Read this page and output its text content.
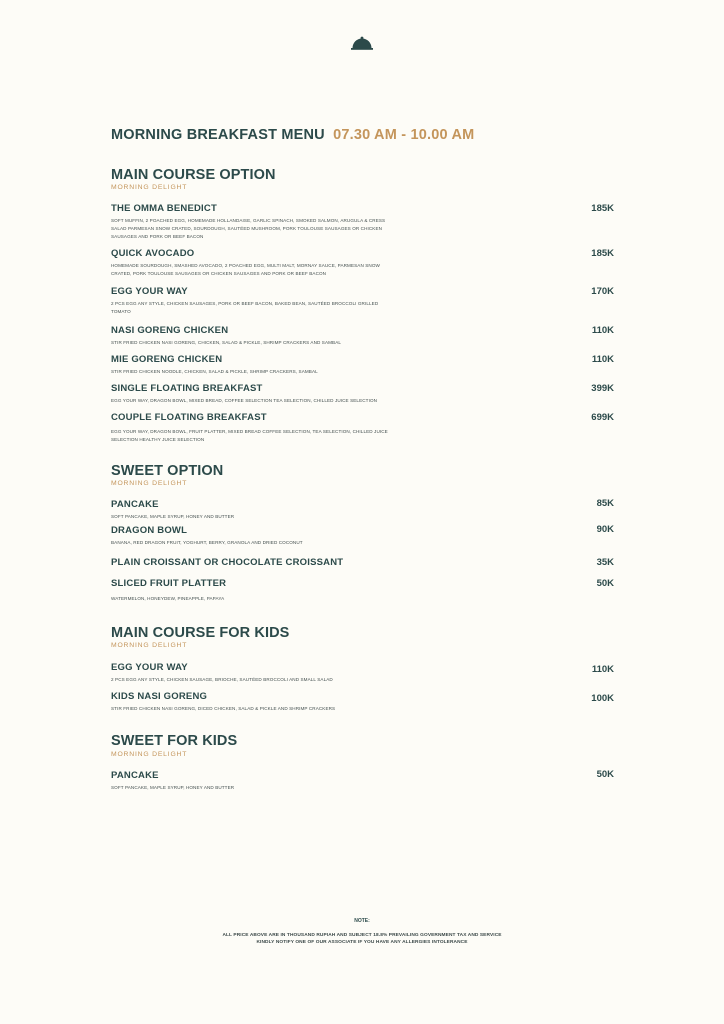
MORNING BREAKFAST MENU 07.30 AM - 10.00 AM
MAIN COURSE OPTION
MORNING DELIGHT
THE OMMA BENEDICT	185K
SOFT MUFFIN, 2 POACHED EGG, HOMEMADE HOLLANDAISE, GARLIC SPINACH, SMOKED SALMON, ARUGULA & CRESS SALAD PARMESAN SNOW CRATED, SOURDOUGH, SAUTÉED MUSHROOM, PORK TOULOUSE SAUSAGES OR CHICKEN SAUSAGES AND PORK OR BEEF BACON
QUICK AVOCADO	185K
HOMEMADE SOURDOUGH, SMASHED AVOCADO, 2 POACHED EGG, MULTI MALT, MORNAY SAUCE, PARMESAN SNOW CRATED, PORK TOULOUSE SAUSAGES OR CHICKEN SAUSAGES AND PORK OR BEEF BACON
EGG YOUR WAY	170K
2 PCS EGG ANY STYLE, CHICKEN SAUSAGES, PORK OR BEEF BACON, BAKED BEAN, SAUTÉED BROCCOLI GRILLED TOMATO
NASI GORENG CHICKEN	110K
STIR FRIED CHICKEN NASI GORENG, CHICKEN, SALAD & PICKLE, SHRIMP CRACKERS AND SAMBAL
MIE GORENG CHICKEN	110K
STIR FRIED CHICKEN NOODLE, CHICKEN, SALAD & PICKLE, SHRIMP CRACKERS, SAMBAL
SINGLE FLOATING BREAKFAST	399K
EGG YOUR WAY, DRAGON BOWL, MIXED BREAD, COFFEE SELECTION TEA SELECTION, CHILLED JUICE SELECTION
COUPLE FLOATING BREAKFAST	699K
EGG YOUR WAY, DRAGON BOWL, FRUIT PLATTER, MIXED BREAD COFFEE SELECTION, TEA SELECTION, CHILLED JUICE SELECTION HEALTHY JUICE SELECTION
SWEET OPTION
MORNING DELIGHT
PANCAKE	85K
SOFT PANCAKE, MAPLE SYRUP, HONEY AND BUTTER
DRAGON BOWL	90K
BANANA, RED DRAGON FRUIT, YOGHURT, BERRY, GRANOLA AND DRIED COCONUT
PLAIN CROISSANT OR CHOCOLATE CROISSANT	35K
SLICED FRUIT PLATTER	50K
WATERMELON, HONEYDEW, PINEAPPLE, PAPAYA
MAIN COURSE FOR KIDS
MORNING DELIGHT
EGG YOUR WAY	110K
2 PCS EGG ANY STYLE, CHICKEN SAUSAGE, BRIOCHE, SAUTÉED BROCCOLI AND SMALL SALAD
KIDS NASI GORENG	100K
STIR FRIED CHICKEN NASI GORENG, DICED CHICKEN, SALAD & PICKLE AND SHRIMP CRACKERS
SWEET FOR KIDS
MORNING DELIGHT
PANCAKE	50K
SOFT PANCAKE, MAPLE SYRUP, HONEY AND BUTTER
NOTE:
ALL PRICE ABOVE ARE IN THOUSAND RUPIAH AND SUBJECT 18.8% PREVAILING GOVERNMENT TAX AND SERVICE
KINDLY NOTIFY ONE OF OUR ASSOCIATE IF YOU HAVE ANY ALLERGIES INTOLERANCE
